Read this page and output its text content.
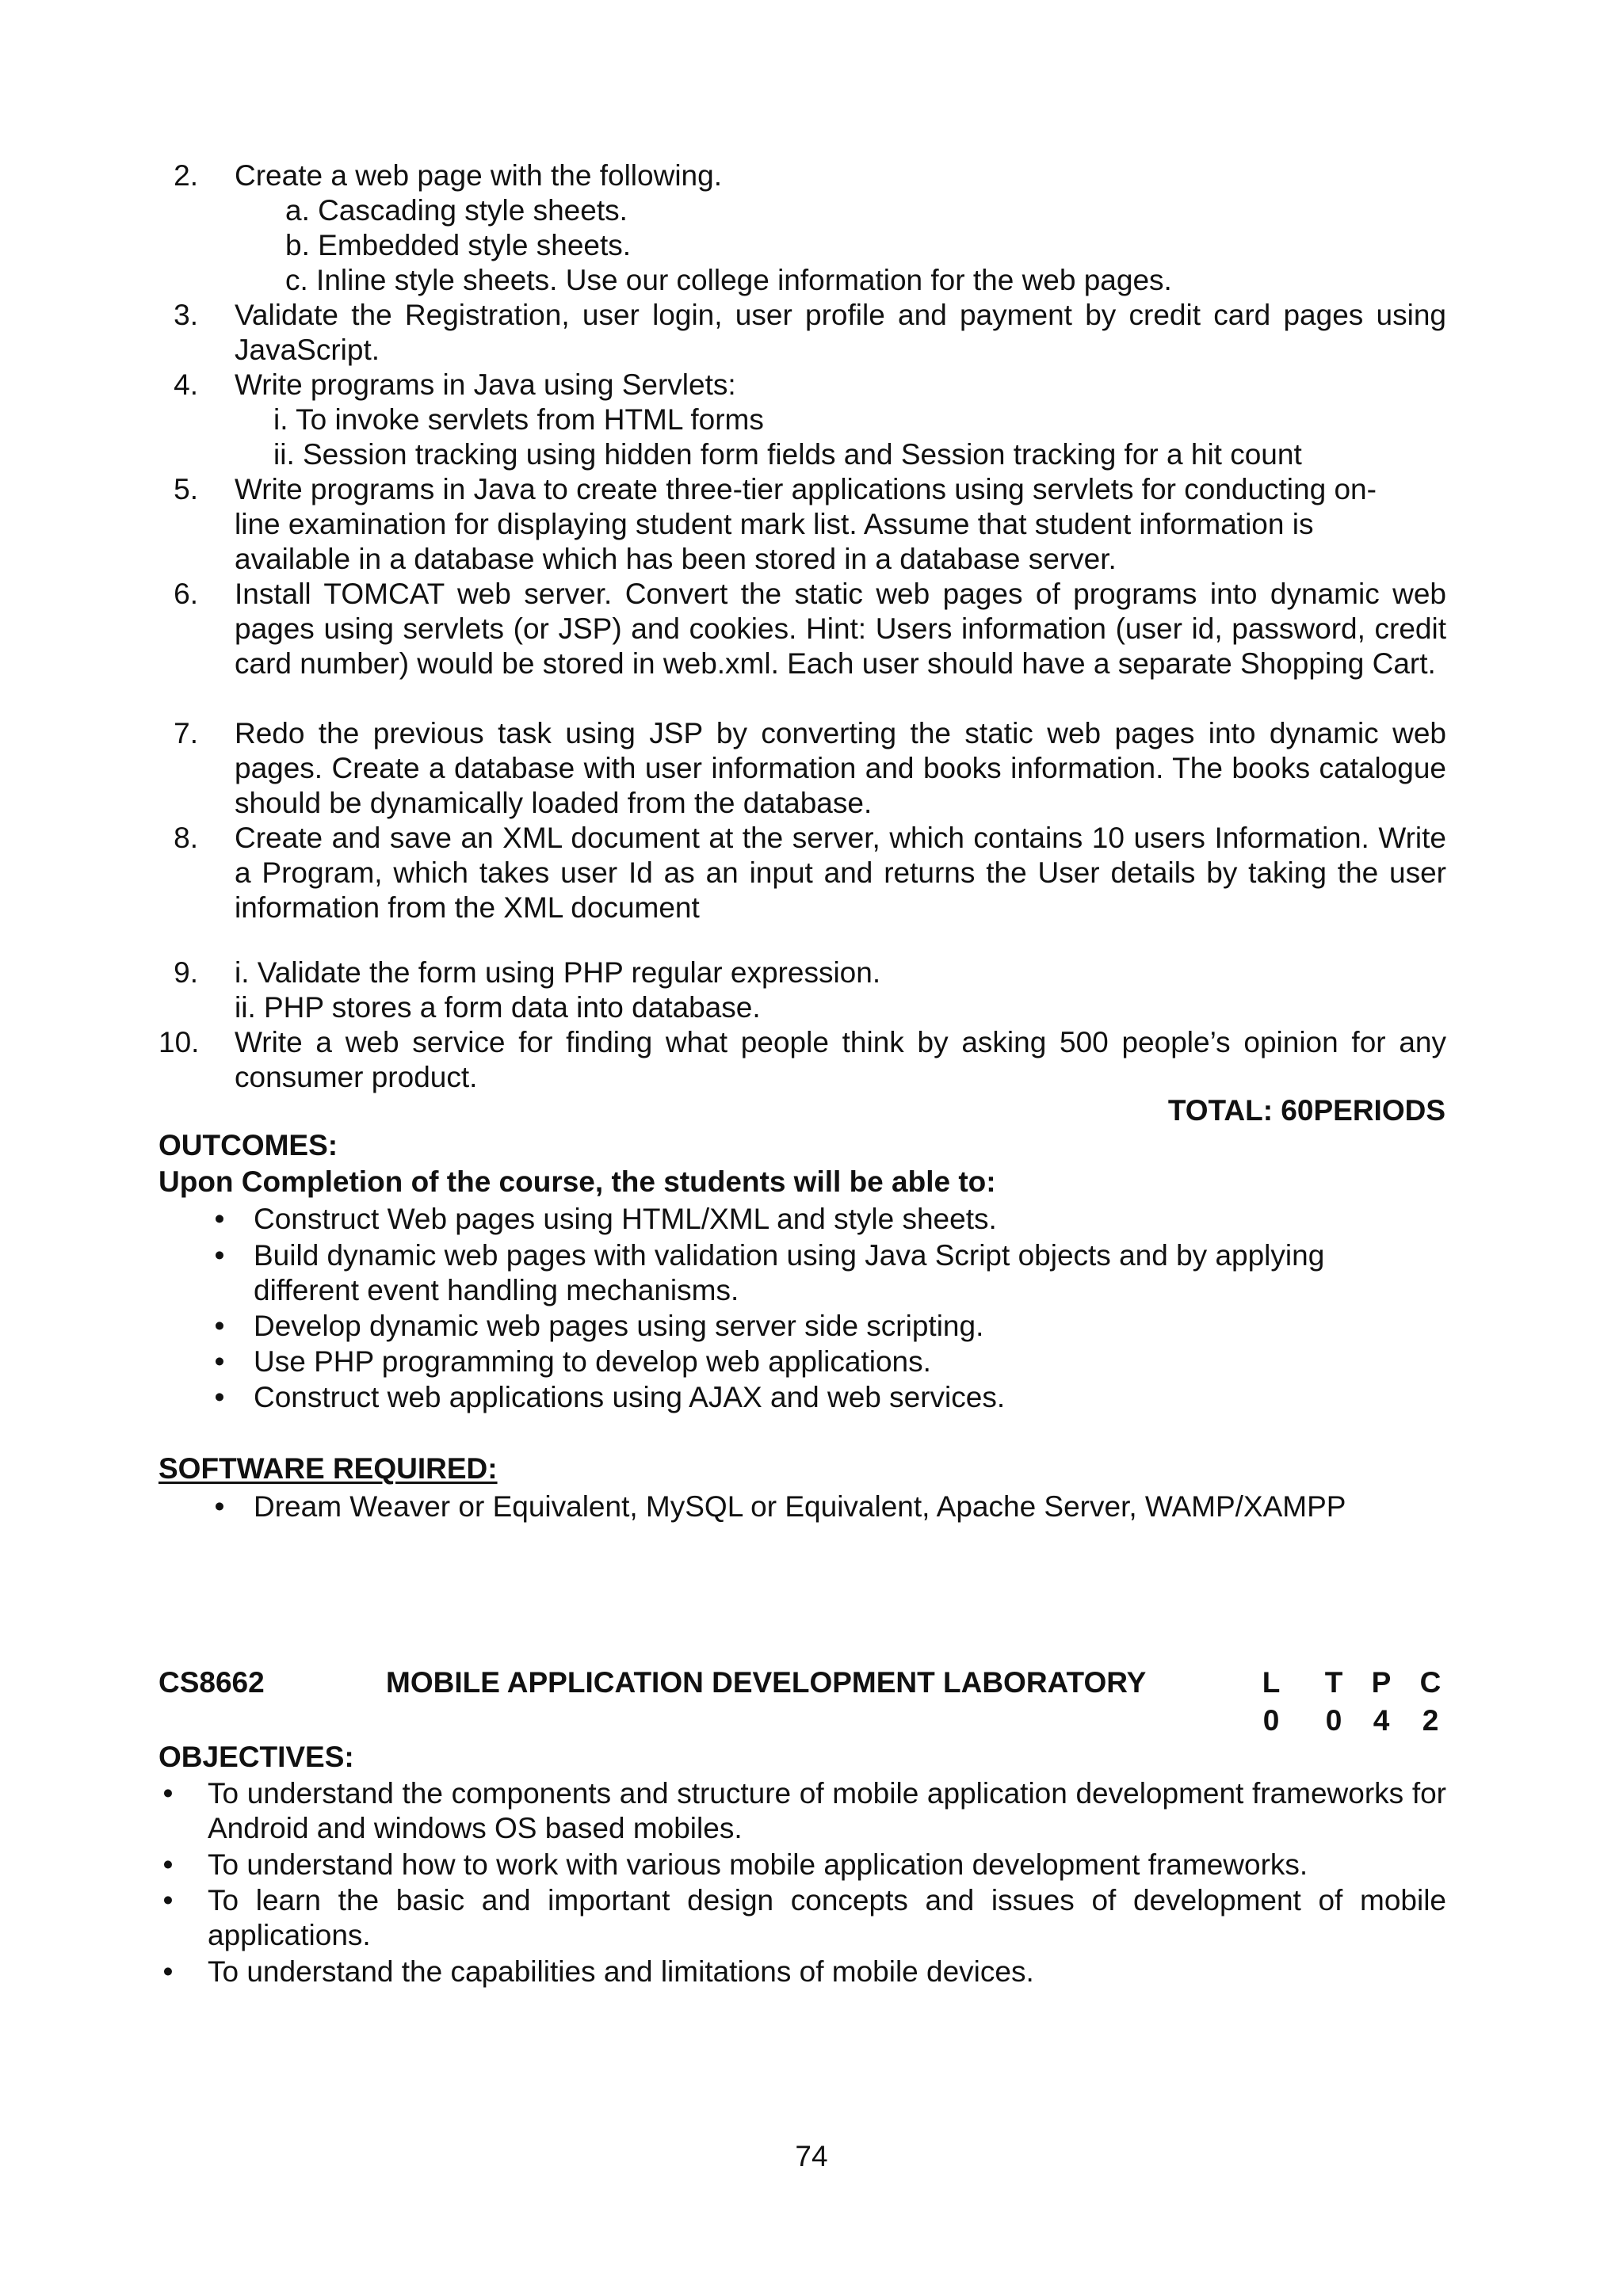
2. Create a web page with the following.
a. Cascading style sheets.
b. Embedded style sheets.
c. Inline style sheets. Use our college information for the web pages.
3. Validate the Registration, user login, user profile and payment by credit card pages using JavaScript.
4. Write programs in Java using Servlets:
i. To invoke servlets from HTML forms
ii. Session tracking using hidden form fields and Session tracking for a hit count
5. Write programs in Java to create three-tier applications using servlets for conducting on-
line examination for displaying student mark list. Assume that student information is
available in a database which has been stored in a database server.
6. Install TOMCAT web server. Convert the static web pages of programs into dynamic web pages using servlets (or JSP) and cookies. Hint: Users information (user id, password, credit card number) would be stored in web.xml. Each user should have a separate Shopping Cart.
7. Redo the previous task using JSP by converting the static web pages into dynamic web pages. Create a database with user information and books information. The books catalogue should be dynamically loaded from the database.
8. Create and save an XML document at the server, which contains 10 users Information. Write a Program, which takes user Id as an input and returns the User details by taking the user information from the XML document
9. i. Validate the form using PHP regular expression.
ii. PHP stores a form data into database.
10. Write a web service for finding what people think by asking 500 people’s opinion for any consumer product.
TOTAL: 60PERIODS
OUTCOMES:
Upon Completion of the course, the students will be able to:
• Construct Web pages using HTML/XML and style sheets.
• Build dynamic web pages with validation using Java Script objects and by applying
different event handling mechanisms.
• Develop dynamic web pages using server side scripting.
• Use PHP programming to develop web applications.
• Construct web applications using AJAX and web services.
SOFTWARE REQUIRED:
• Dream Weaver or Equivalent, MySQL or Equivalent, Apache Server, WAMP/XAMPP
CS8662	MOBILE APPLICATION DEVELOPMENT LABORATORY	L T P C
0 0 4 2
OBJECTIVES:
• To understand the components and structure of mobile application development frameworks for Android and windows OS based mobiles.
• To understand how to work with various mobile application development frameworks.
• To learn the basic and important design concepts and issues of development of mobile applications.
• To understand the capabilities and limitations of mobile devices.
74
